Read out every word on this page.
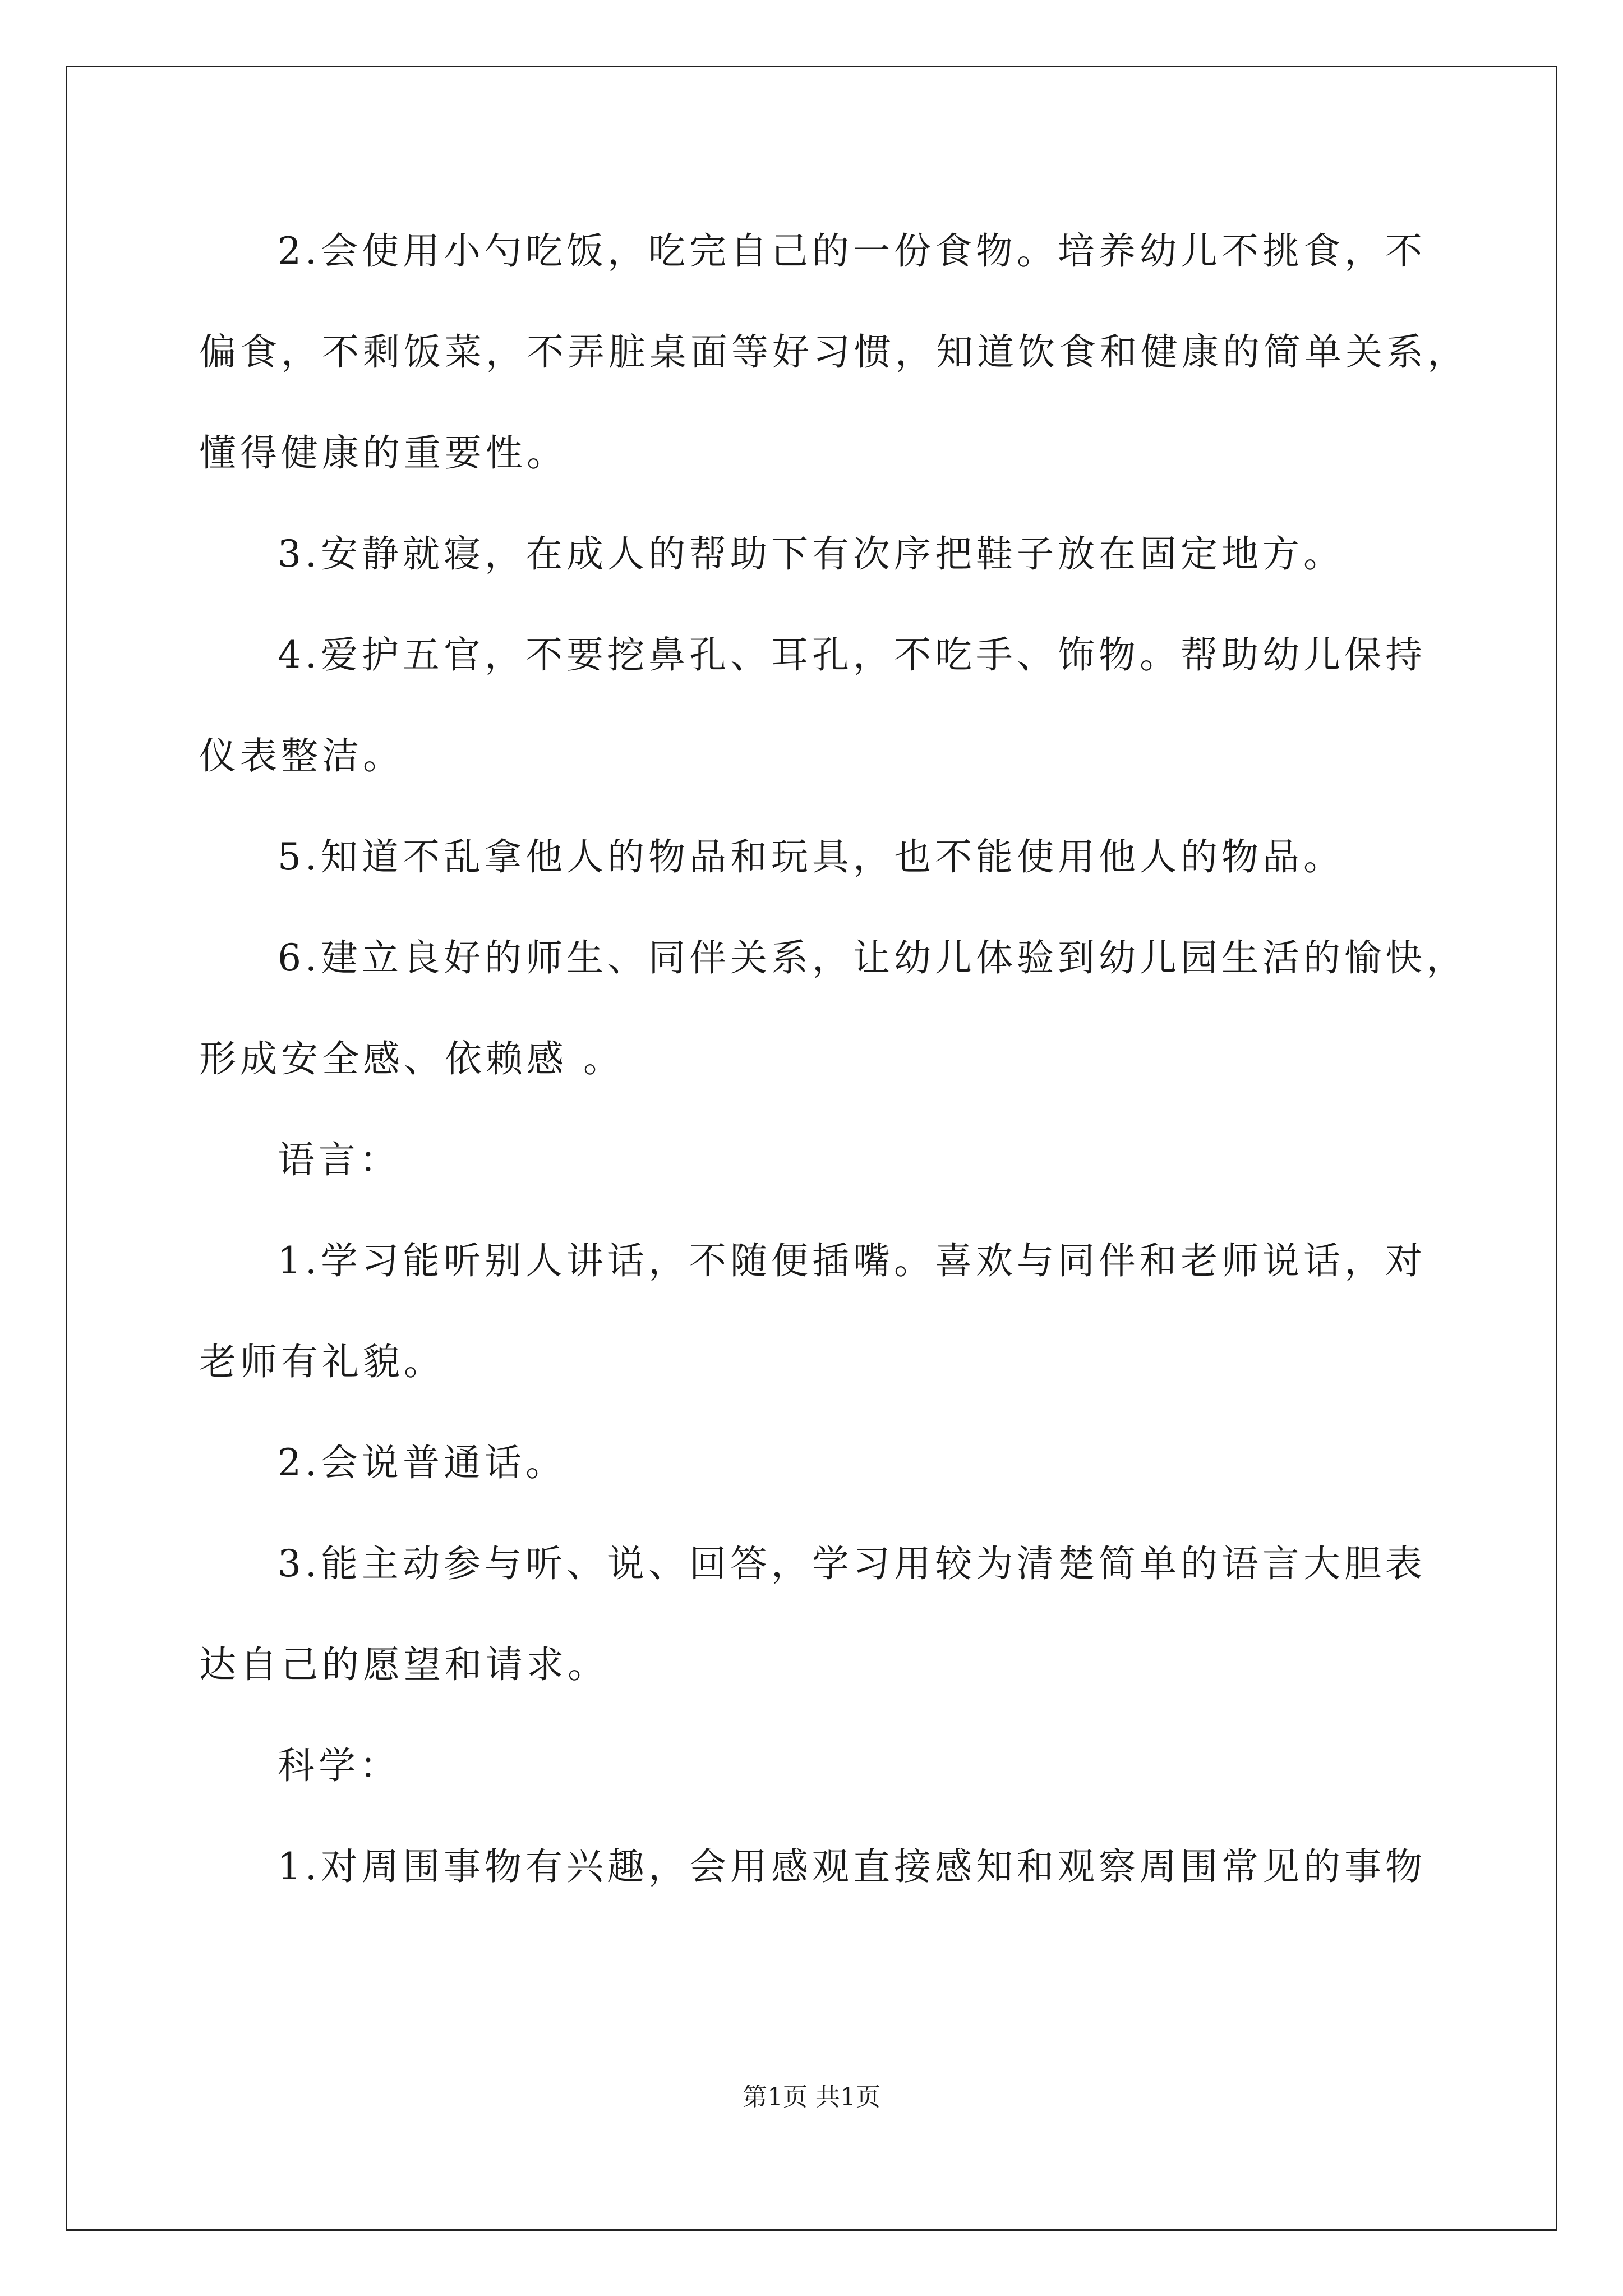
2.会使用小勺吃饭，吃完自己的一份食物。培养幼儿不挑食，不
偏食，不剩饭菜，不弄脏桌面等好习惯，知道饮食和健康的简单关系，
懂得健康的重要性。
3.安静就寝，在成人的帮助下有次序把鞋子放在固定地方。
4.爱护五官，不要挖鼻孔、耳孔，不吃手、饰物。帮助幼儿保持
仪表整洁。
5.知道不乱拿他人的物品和玩具，也不能使用他人的物品。
6.建立良好的师生、同伴关系，让幼儿体验到幼儿园生活的愉快，
形成安全感、依赖感 。
语言：
1.学习能听别人讲话，不随便插嘴。喜欢与同伴和老师说话，对
老师有礼貌。
2.会说普通话。
3.能主动参与听、说、回答，学习用较为清楚简单的语言大胆表
达自己的愿望和请求。
科学：
1.对周围事物有兴趣，会用感观直接感知和观察周围常见的事物
第1页 共1页
